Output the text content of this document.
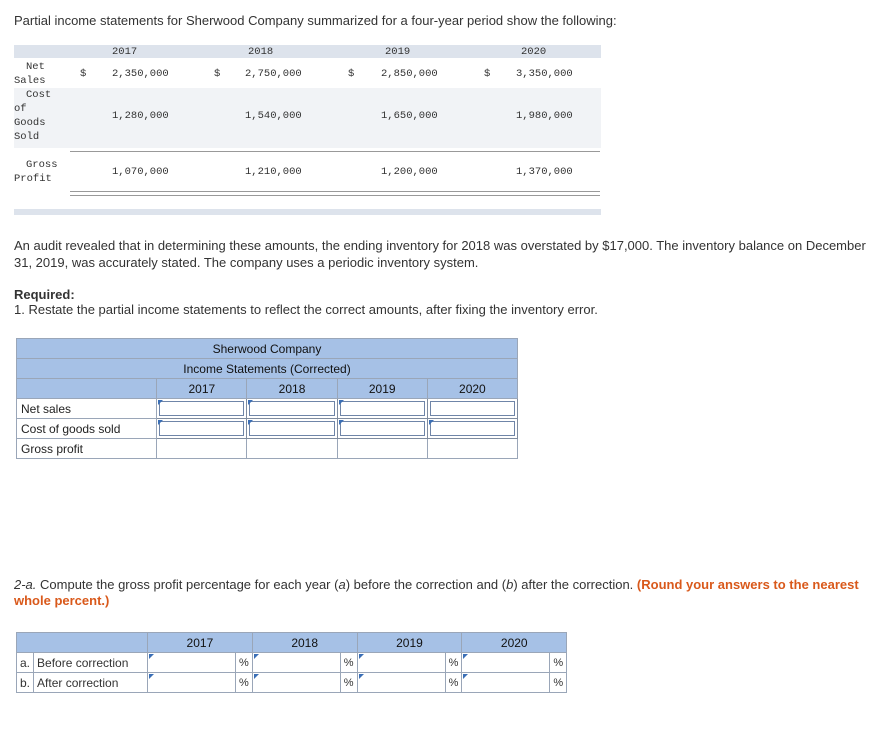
Partial income statements for Sherwood Company summarized for a four-year period show the following:
2017	2018	2019	2020
Net
Sales
$ 2,350,000	$ 2,750,000	$	2,850,000	$ 3,350,000
Cost
of
Goods
Sold
1,280,000	1,540,000	1,650,000	1,980,000
Gross
Profit
1,070,000	1,210,000	1,200,000	1,370,000
An audit revealed that in determining these amounts, the ending inventory for 2018 was overstated by $17,000. The inventory balance on December 31, 2019, was accurately stated. The company uses a periodic inventory system.
Required:
1. Restate the partial income statements to reflect the correct amounts, after fixing the inventory error.
Sherwood Company				
Income Statements (Corrected)				
	2017	2018	2019	2020
Net sales	

Cost of goods sold	

Gross profit				
2-a. Compute the gross profit percentage for each year (a) before the correction and (b) after the correction. (Round your answers to the nearest whole percent.)
		2017		2018		2019		2020	
a.	Before correction		%		%		%		%
b.	After correction		%		%		%		%
